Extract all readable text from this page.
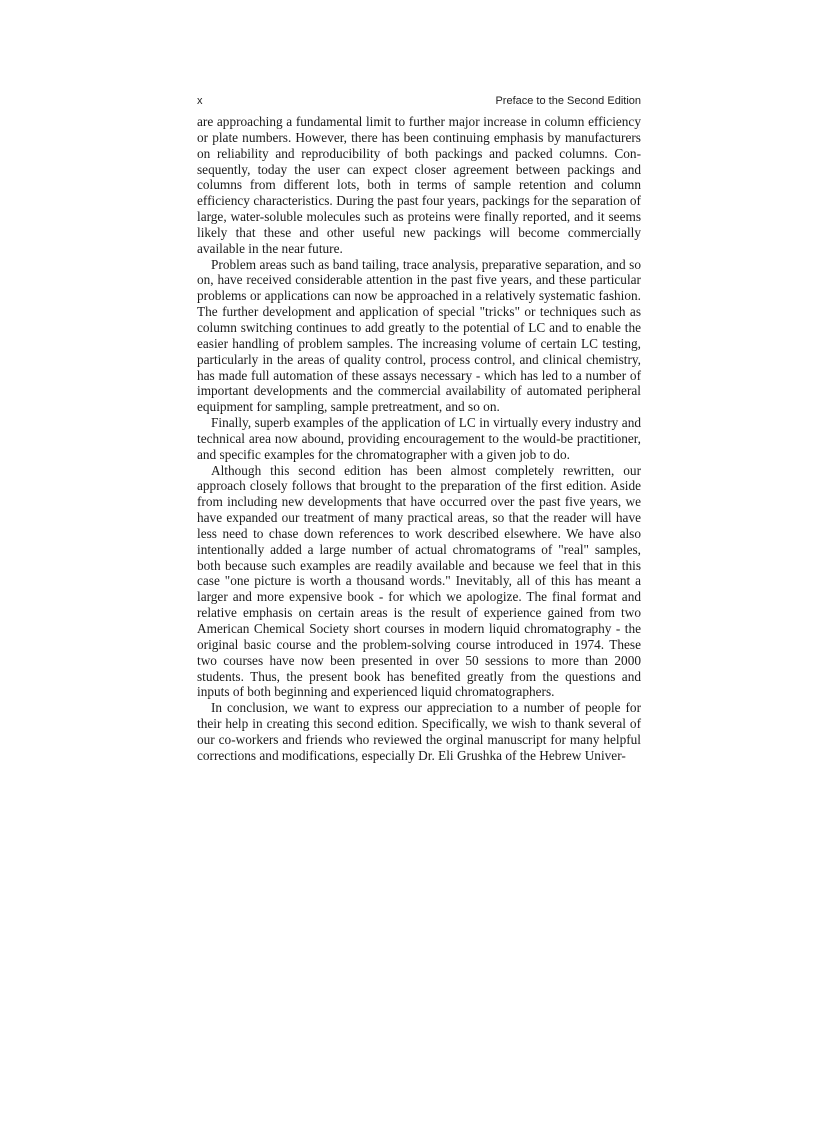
x	Preface to the Second Edition

are approaching a fundamental limit to further major increase in column efficiency or plate numbers. However, there has been continuing emphasis by manufacturers on reliability and reproducibility of both packings and packed columns. Consequently, today the user can expect closer agreement between packings and columns from different lots, both in terms of sample retention and column efficiency characteristics. During the past four years, packings for the separation of large, water-soluble molecules such as proteins were finally reported, and it seems likely that these and other useful new packings will become commercially available in the near future.

Problem areas such as band tailing, trace analysis, preparative separation, and so on, have received considerable attention in the past five years, and these particular problems or applications can now be approached in a relatively systematic fashion. The further development and application of special "tricks" or techniques such as column switching continues to add greatly to the potential of LC and to enable the easier handling of problem samples. The increasing volume of certain LC testing, particularly in the areas of quality control, process control, and clinical chemistry, has made full automation of these assays necessary - which has led to a number of important developments and the commercial availability of automated peripheral equipment for sampling, sample pretreatment, and so on.

Finally, superb examples of the application of LC in virtually every industry and technical area now abound, providing encouragement to the would-be practitioner, and specific examples for the chromatographer with a given job to do.

Although this second edition has been almost completely rewritten, our approach closely follows that brought to the preparation of the first edition. Aside from including new developments that have occurred over the past five years, we have expanded our treatment of many practical areas, so that the reader will have less need to chase down references to work described elsewhere. We have also intentionally added a large number of actual chromatograms of "real" samples, both because such examples are readily available and because we feel that in this case "one picture is worth a thousand words." Inevitably, all of this has meant a larger and more expensive book - for which we apologize. The final format and relative emphasis on certain areas is the result of experience gained from two American Chemical Society short courses in modern liquid chromatography - the original basic course and the problem-solving course introduced in 1974. These two courses have now been presented in over 50 sessions to more than 2000 students. Thus, the present book has benefited greatly from the questions and inputs of both beginning and experienced liquid chromatographers.

In conclusion, we want to express our appreciation to a number of people for their help in creating this second edition. Specifically, we wish to thank several of our co-workers and friends who reviewed the orginal manuscript for many helpful corrections and modifications, especially Dr. Eli Grushka of the Hebrew Univer-
